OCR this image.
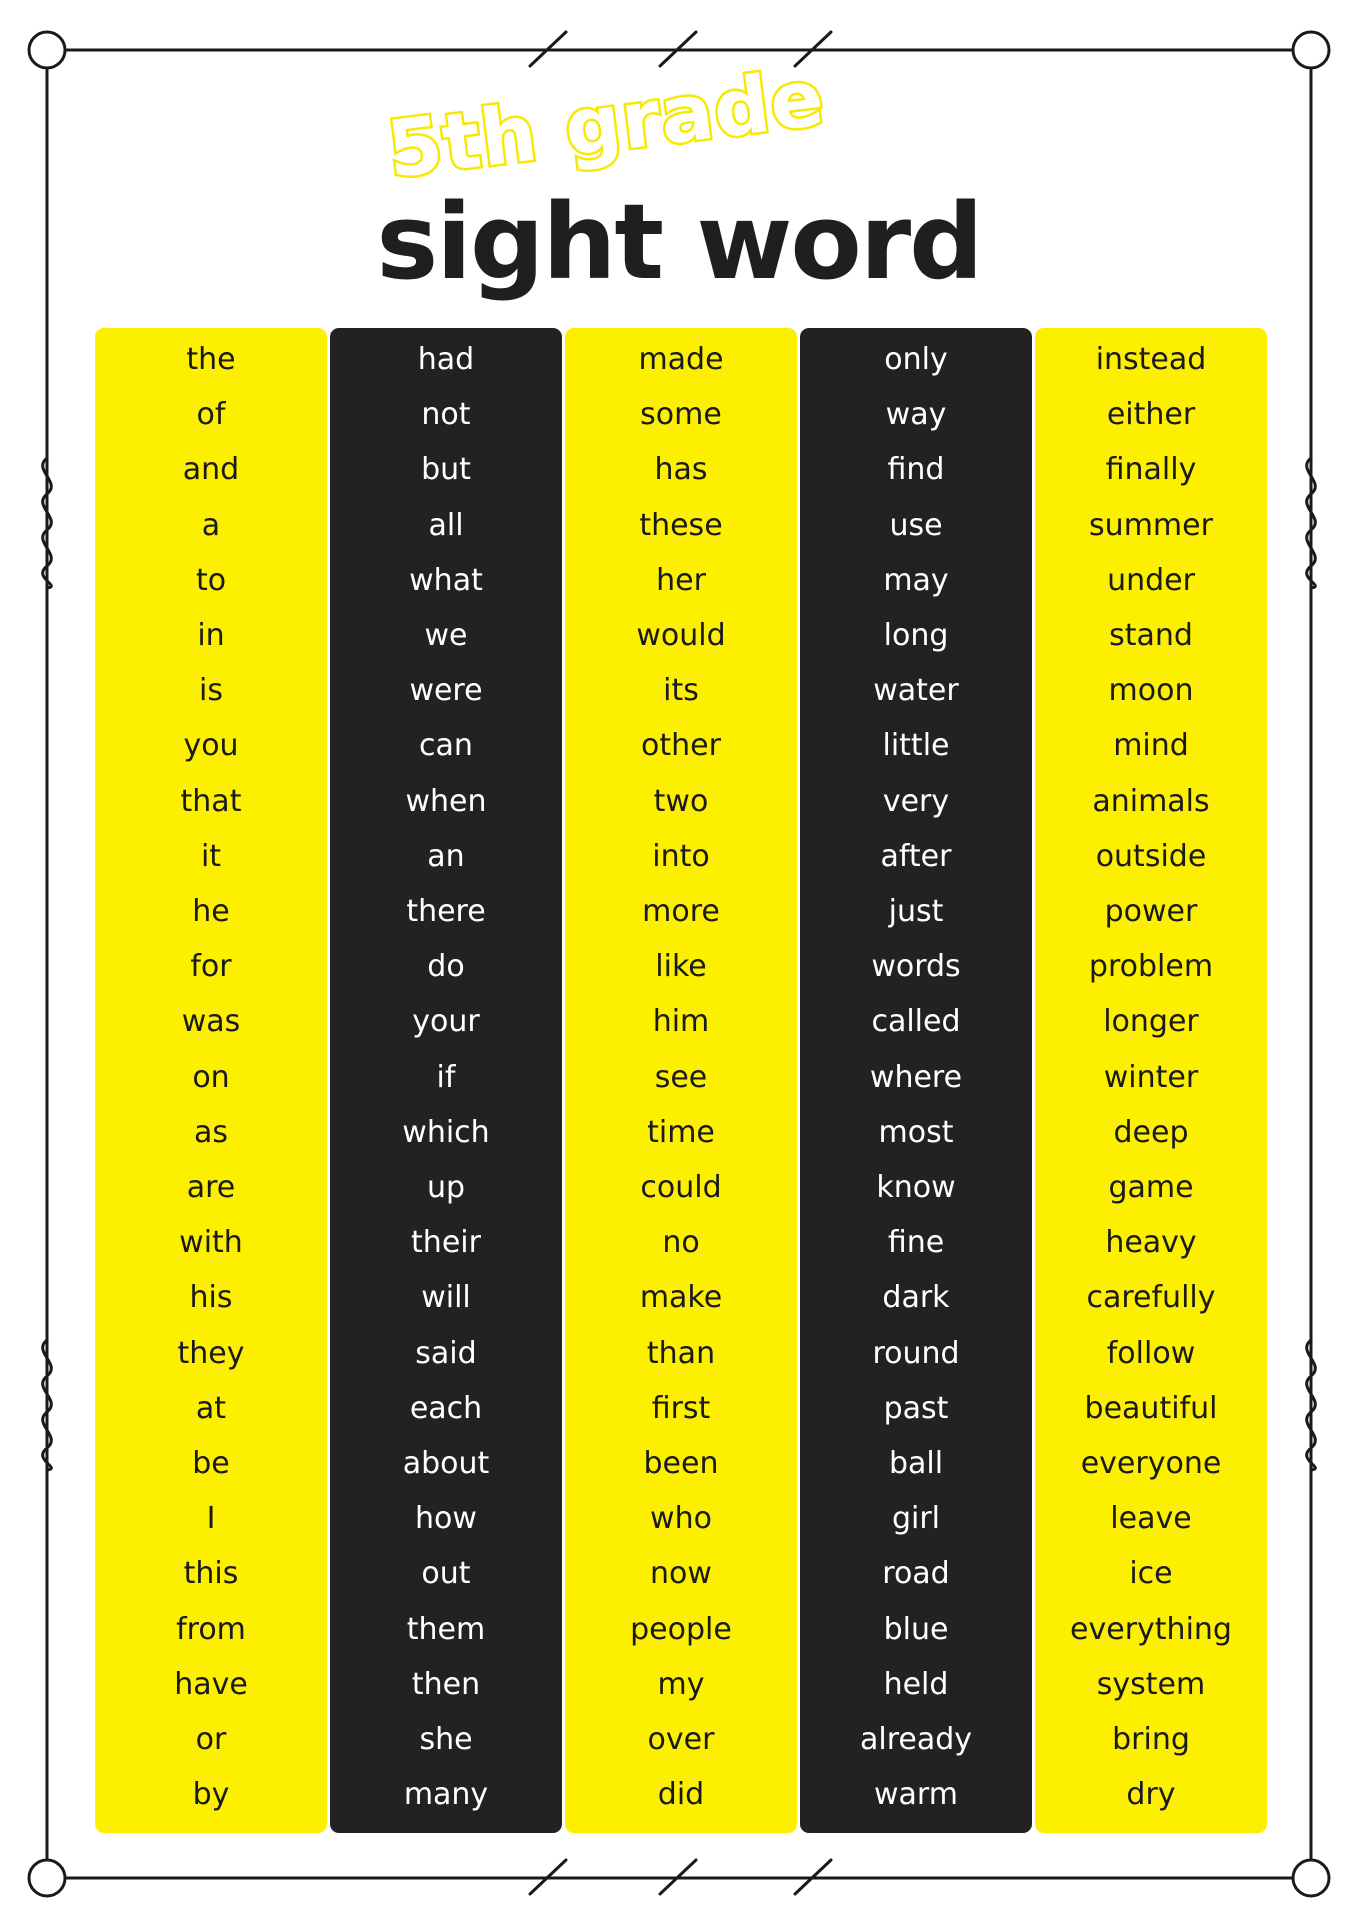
5th grade
sight word
the
of
and
a
to
in
is
you
that
it
he
for
was
on
as
are
with
his
they
at
be
I
this
from
have
or
by
had
not
but
all
what
we
were
can
when
an
there
do
your
if
which
up
their
will
said
each
about
how
out
them
then
she
many
made
some
has
these
her
would
its
other
two
into
more
like
him
see
time
could
no
make
than
first
been
who
now
people
my
over
did
only
way
find
use
may
long
water
little
very
after
just
words
called
where
most
know
fine
dark
round
past
ball
girl
road
blue
held
already
warm
instead
either
finally
summer
under
stand
moon
mind
animals
outside
power
problem
longer
winter
deep
game
heavy
carefully
follow
beautiful
everyone
leave
ice
everything
system
bring
dry
